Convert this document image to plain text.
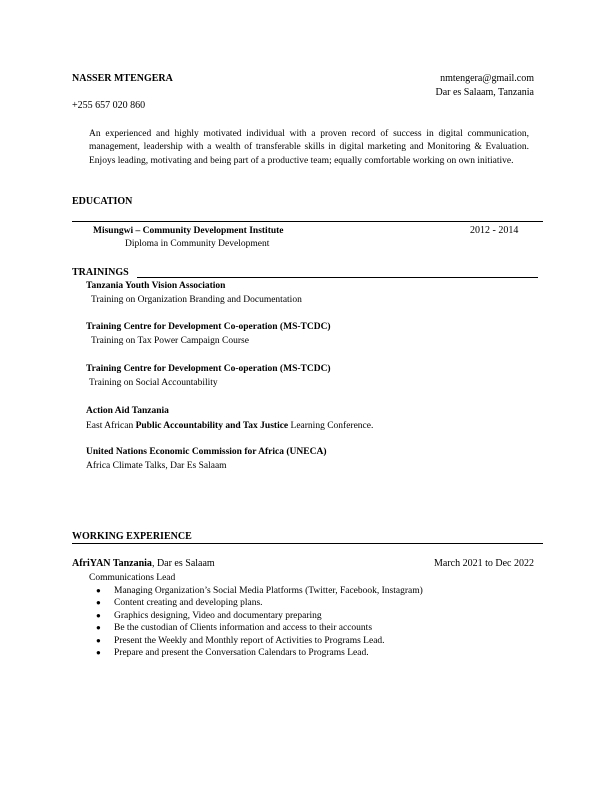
NASSER MTENGERA	nmtengera@gmail.com
Dar es Salaam, Tanzania
+255 657 020 860
An experienced and highly motivated individual with a proven record of success in digital communication, management, leadership with a wealth of transferable skills in digital marketing and Monitoring & Evaluation. Enjoys leading, motivating and being part of a productive team; equally comfortable working on own initiative.
EDUCATION
Misungwi – Community Development Institute	2012 - 2014
Diploma in Community Development
TRAININGS
Tanzania Youth Vision Association
Training on Organization Branding and Documentation
Training Centre for Development Co-operation (MS-TCDC)
Training on Tax Power Campaign Course
Training Centre for Development Co-operation (MS-TCDC)
Training on Social Accountability
Action Aid Tanzania
East African Public Accountability and Tax Justice Learning Conference.
United Nations Economic Commission for Africa (UNECA)
Africa Climate Talks, Dar Es Salaam
WORKING EXPERIENCE
AfriYAN Tanzania, Dar es Salaam	March 2021 to Dec 2022
Communications Lead
● Managing Organization’s Social Media Platforms (Twitter, Facebook, Instagram)
● Content creating and developing plans.
● Graphics designing, Video and documentary preparing
● Be the custodian of Clients information and access to their accounts
● Present the Weekly and Monthly report of Activities to Programs Lead.
● Prepare and present the Conversation Calendars to Programs Lead.
